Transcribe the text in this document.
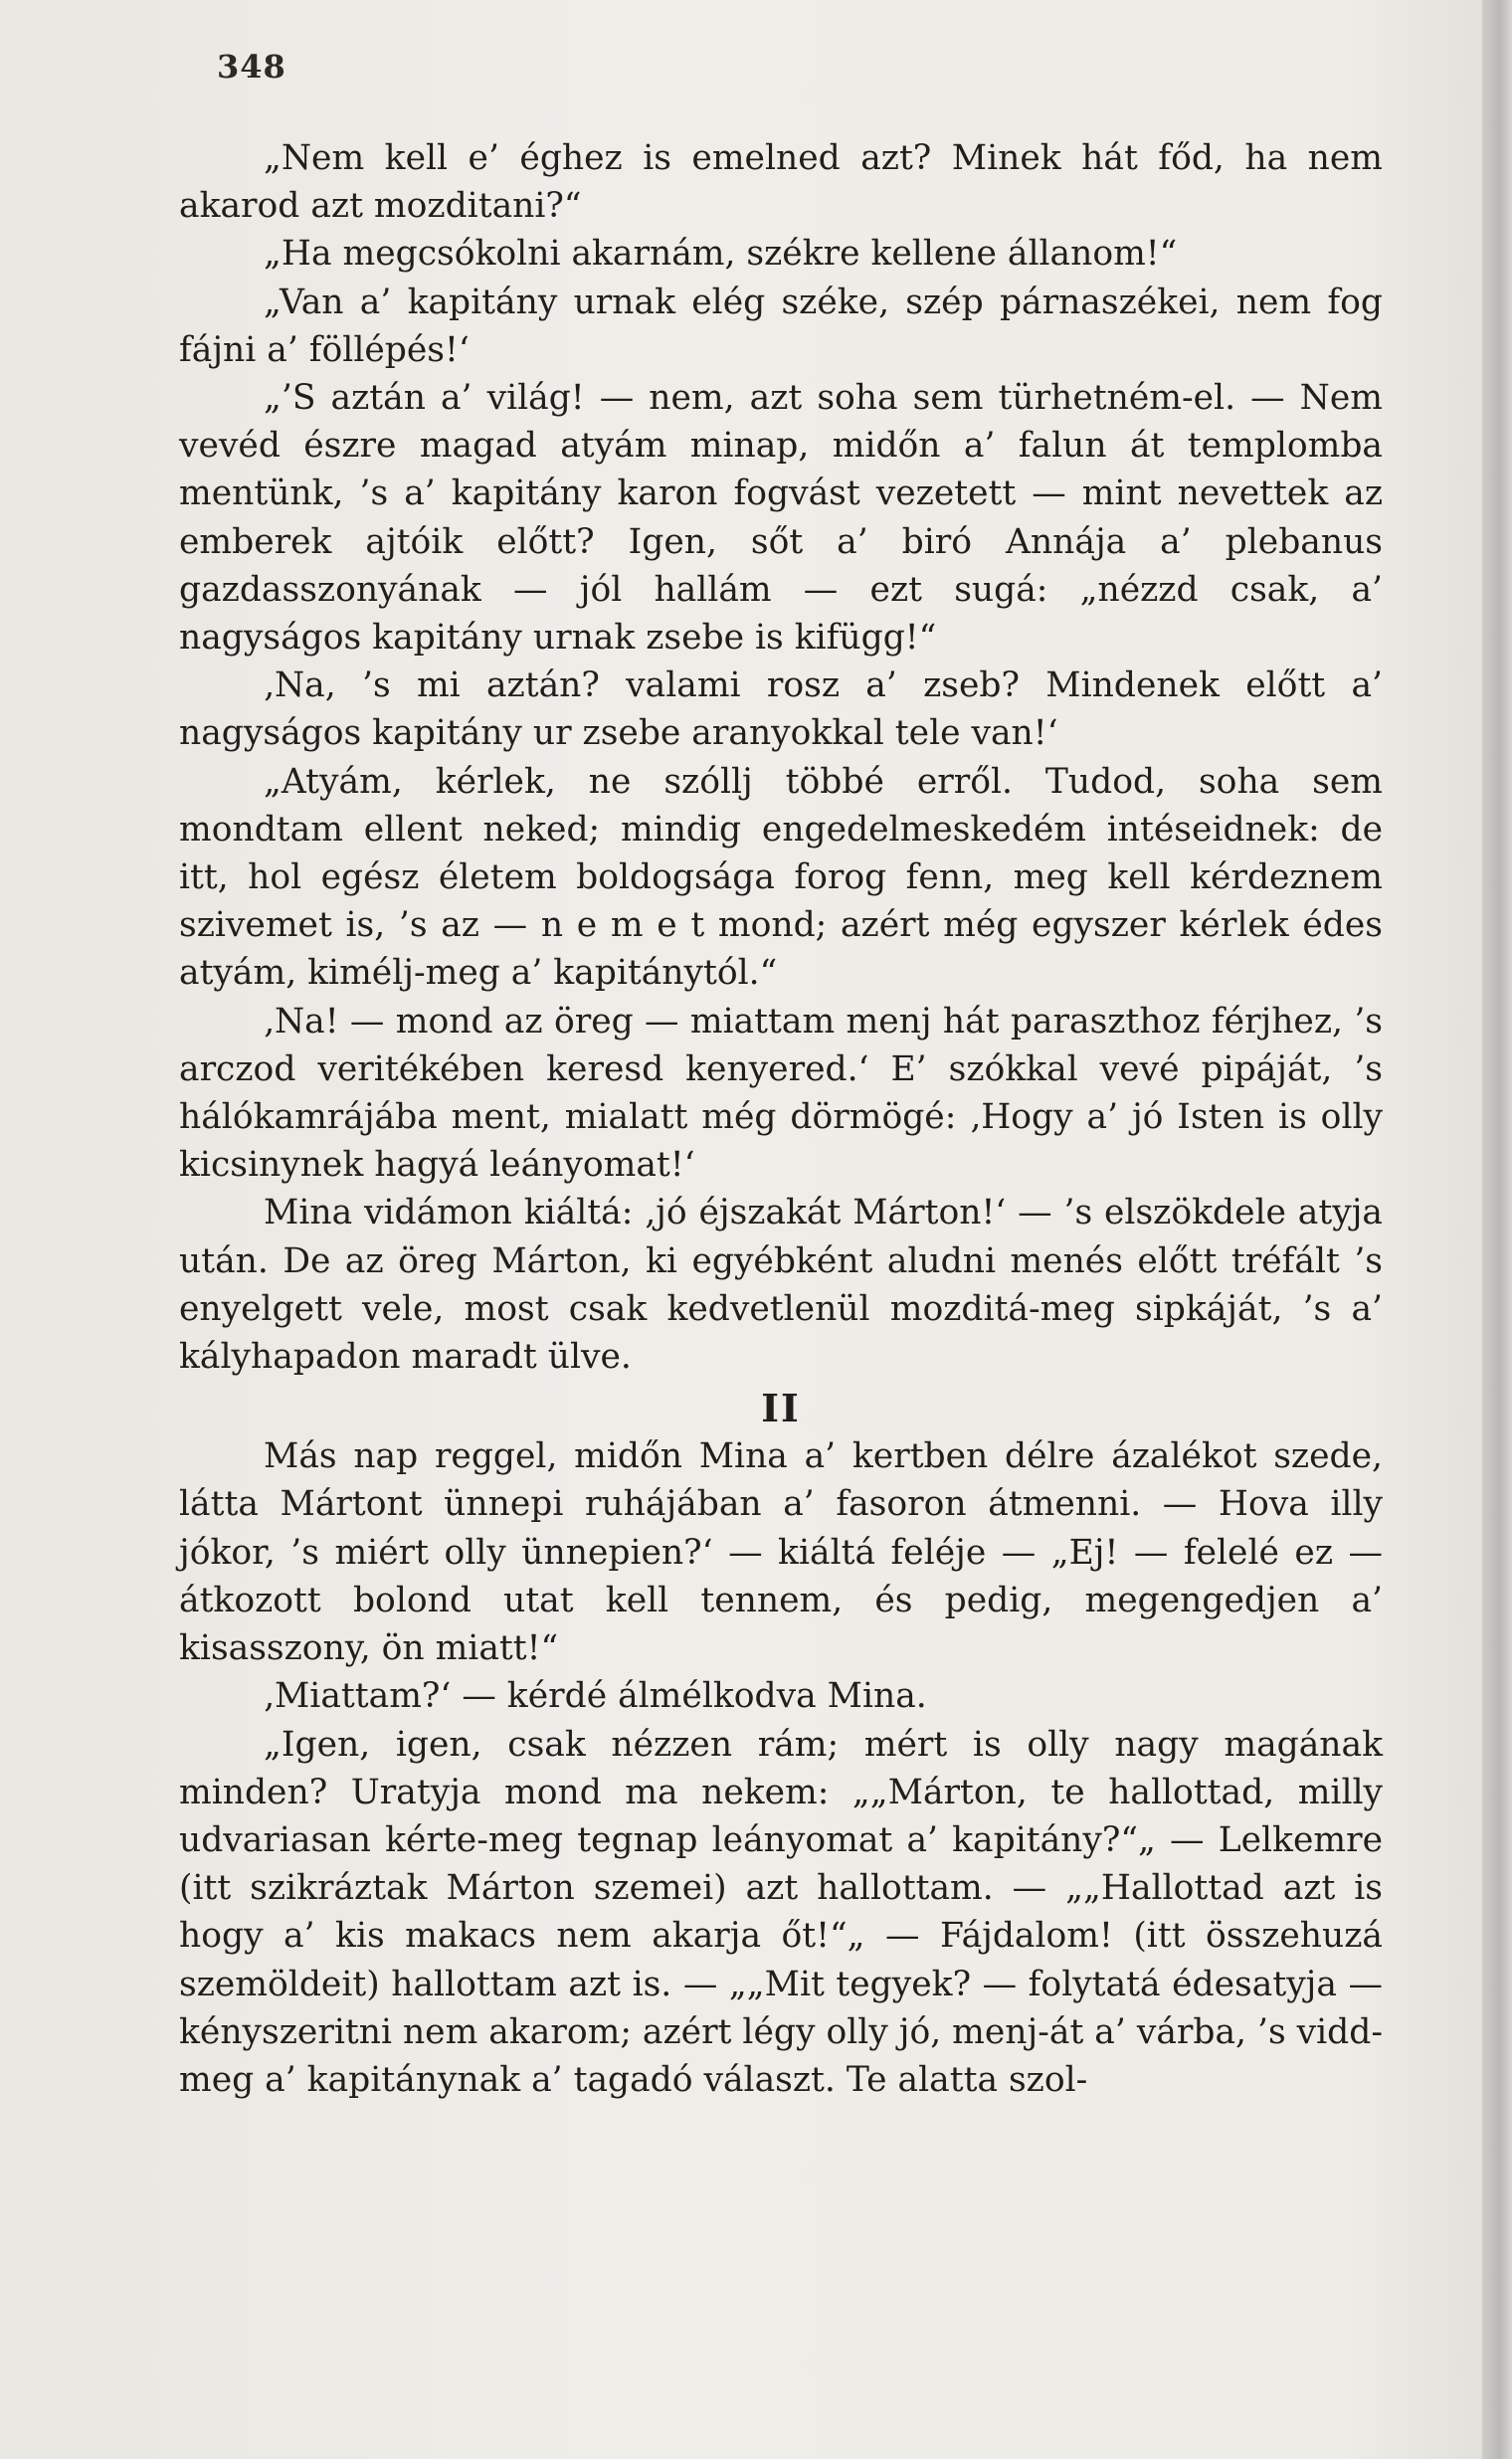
348

„Nem kell e’ éghez is emelned azt? Minek hát főd, ha nem akarod azt mozditani?“

„Ha megcsókolni akarnám, székre kellene állanom!“

„Van a’ kapitány urnak elég széke, szép párnaszékei, nem fog fájni a’ föllépés!‘

„’S aztán a’ világ! — nem, azt soha sem türhetném-el. — Nem vevéd észre magad atyám minap, midőn a’ falun át templomba mentünk, ’s a’ kapitány karon fogvást vezetett — mint nevettek az emberek ajtóik előtt? Igen, sőt a’ biró Annája a’ plebanus gazdasszonyának — jól hallám — ezt sugá: „nézzd csak, a’ nagyságos kapitány urnak zsebe is kifügg!“

‚Na, ’s mi aztán? valami rosz a’ zseb? Mindenek előtt a’ nagyságos kapitány ur zsebe aranyokkal tele van!‘

„Atyám, kérlek, ne szóllj többé erről. Tudod, soha sem mondtam ellent neked; mindig engedelmeskedém intéseidnek: de itt, hol egész életem boldogsága forog fenn, meg kell kérdeznem szivemet is, ’s az — n e m e t mond; azért még egyszer kérlek édes atyám, kimélj-meg a’ kapitánytól.“

‚Na! — mond az öreg — miattam menj hát paraszthoz férjhez, ’s arczod veritékében keresd kenyered.‘ E’ szókkal vevé pipáját, ’s hálókamrájába ment, mialatt még dörmögé: ‚Hogy a’ jó Isten is olly kicsinynek hagyá leányomat!‘

Mina vidámon kiáltá: ‚jó éjszakát Márton!‘ — ’s elszökdele atyja után. De az öreg Márton, ki egyébként aludni menés előtt tréfált ’s enyelgett vele, most csak kedvetlenül mozditá-meg sipkáját, ’s a’ kályhapadon maradt ülve.

II

Más nap reggel, midőn Mina a’ kertben délre ázalékot szede, látta Mártont ünnepi ruhájában a’ fasoron átmenni. — Hova illy jókor, ’s miért olly ünnepien?‘ — kiáltá feléje — „Ej! — felelé ez — átkozott bolond utat kell tennem, és pedig, megengedjen a’ kisasszony, ön miatt!“

‚Miattam?‘ — kérdé álmélkodva Mina.

„Igen, igen, csak nézzen rám; mért is olly nagy magának minden? Uratyja mond ma nekem: „„Márton, te hallottad, milly udvariasan kérte-meg tegnap leányomat a’ kapitány?“„ — Lelkemre (itt szikráztak Márton szemei) azt hallottam. — „„Hallottad azt is hogy a’ kis makacs nem akarja őt!“„ — Fájdalom! (itt összehuzá szemöldeit) hallottam azt is. — „„Mit tegyek? — folytatá édesatyja — kényszeritni nem akarom; azért légy olly jó, menj-át a’ várba, ’s vidd-meg a’ kapitánynak a’ tagadó választ. Te alatta szol-
